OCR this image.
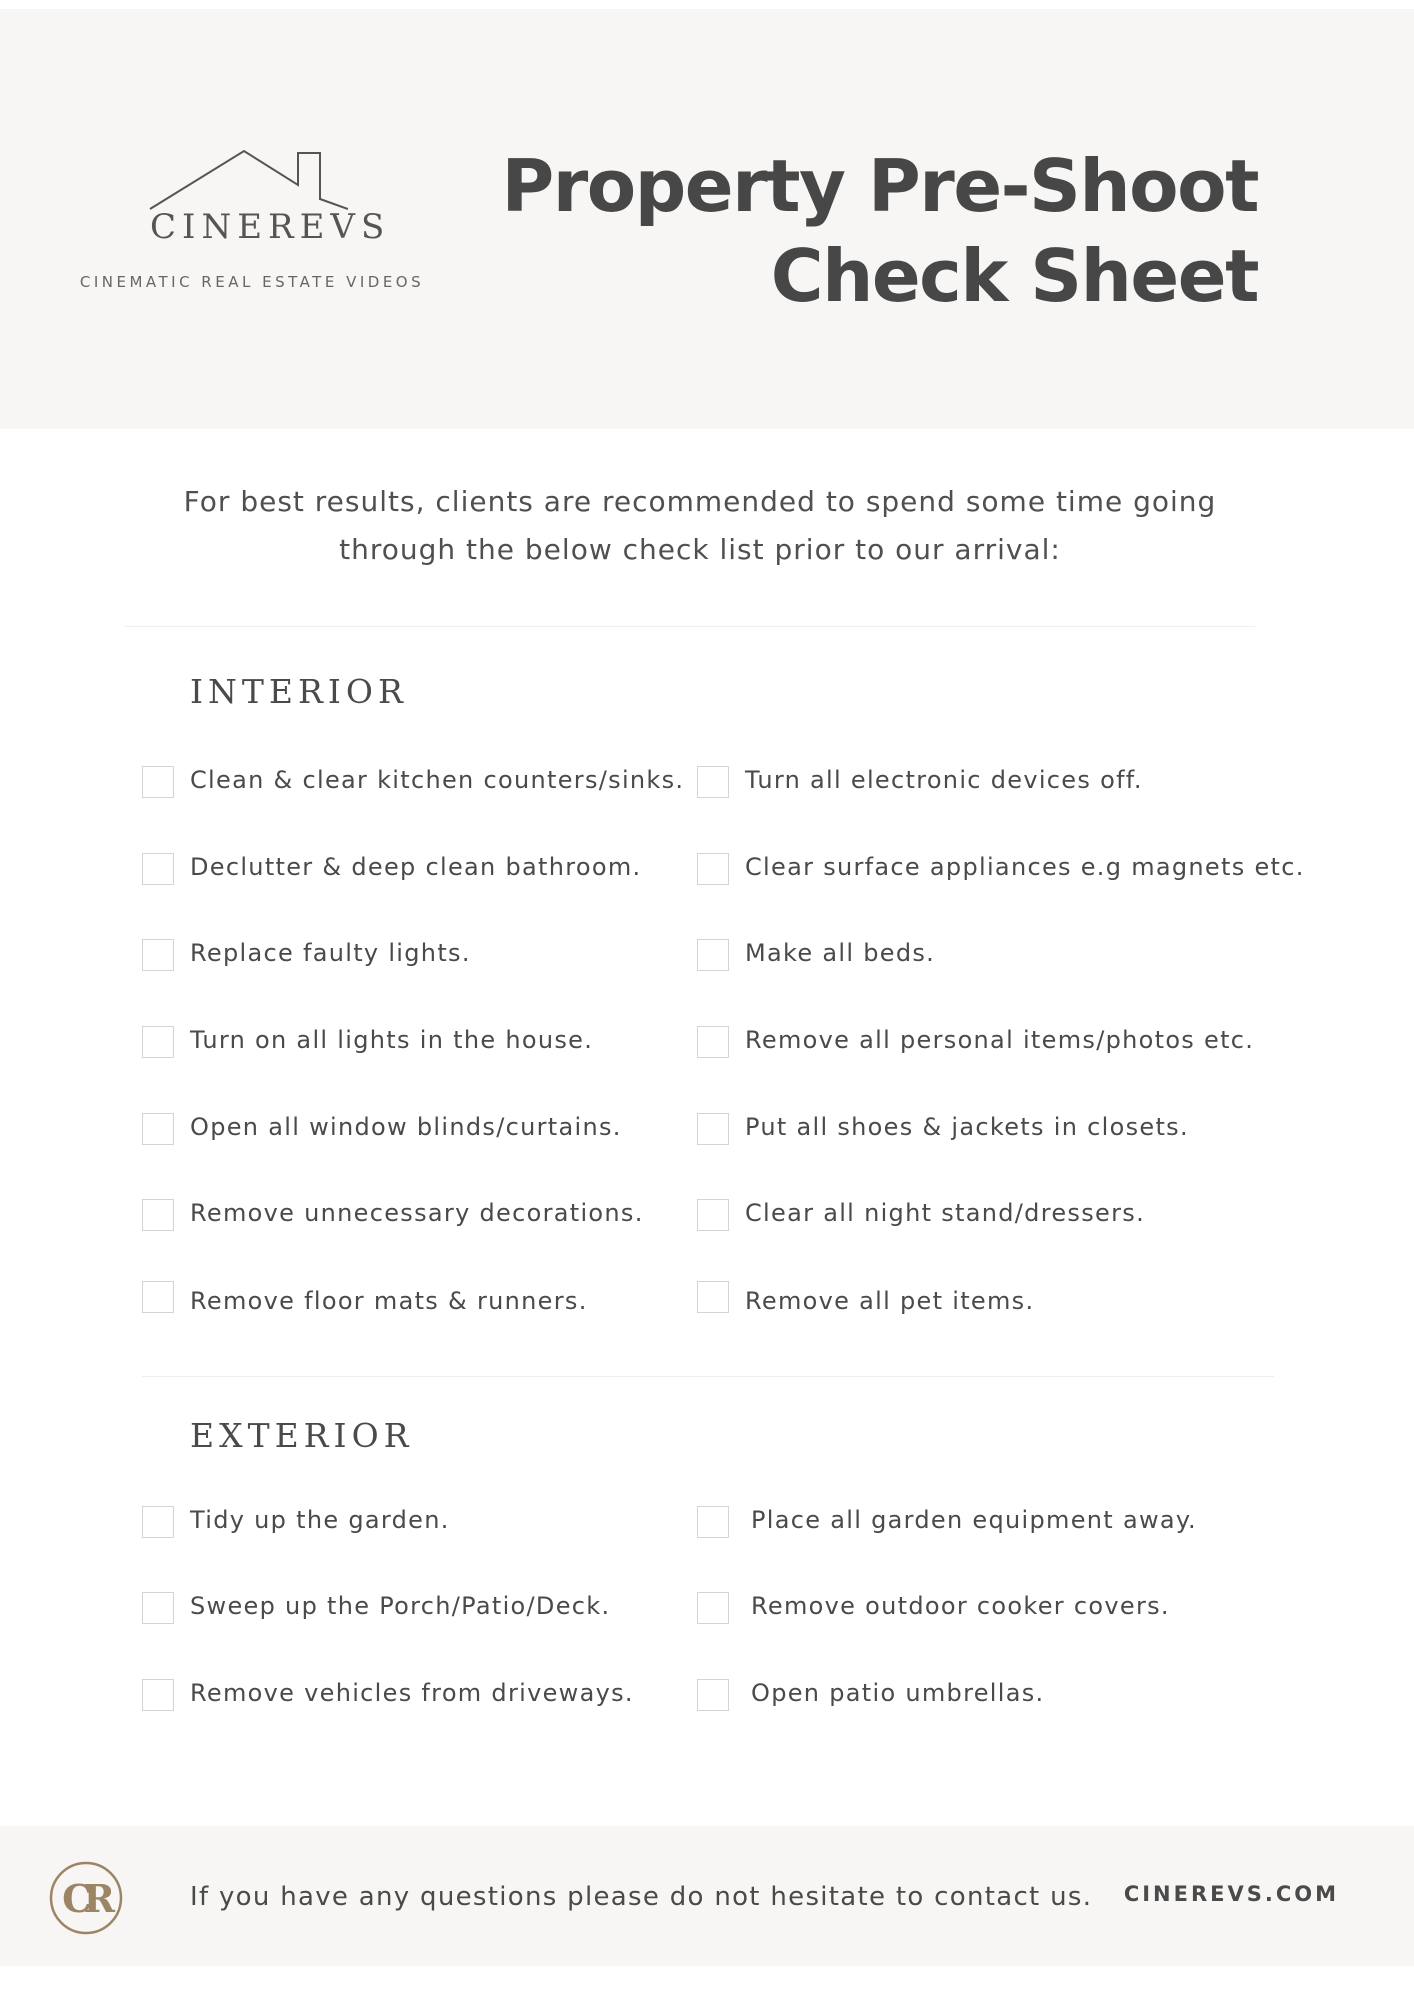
CINEREVS
CINEMATIC REAL ESTATE VIDEOS
Property Pre-Shoot
Check Sheet
For best results, clients are recommended to spend some time going
through the below check list prior to our arrival:
INTERIOR
Clean & clear kitchen counters/sinks.
Declutter & deep clean bathroom.
Replace faulty lights.
Turn on all lights in the house.
Open all window blinds/curtains.
Remove unnecessary decorations.
Remove floor mats & runners.
Turn all electronic devices off.
Clear surface appliances e.g magnets etc.
Make all beds.
Remove all personal items/photos etc.
Put all shoes & jackets in closets.
Clear all night stand/dressers.
Remove all pet items.
EXTERIOR
Tidy up the garden.
Sweep up the Porch/Patio/Deck.
Remove vehicles from driveways.
Place all garden equipment away.
Remove outdoor cooker covers.
Open patio umbrellas.
CR	If you have any questions please do not hesitate to contact us. CINEREVS.COM
